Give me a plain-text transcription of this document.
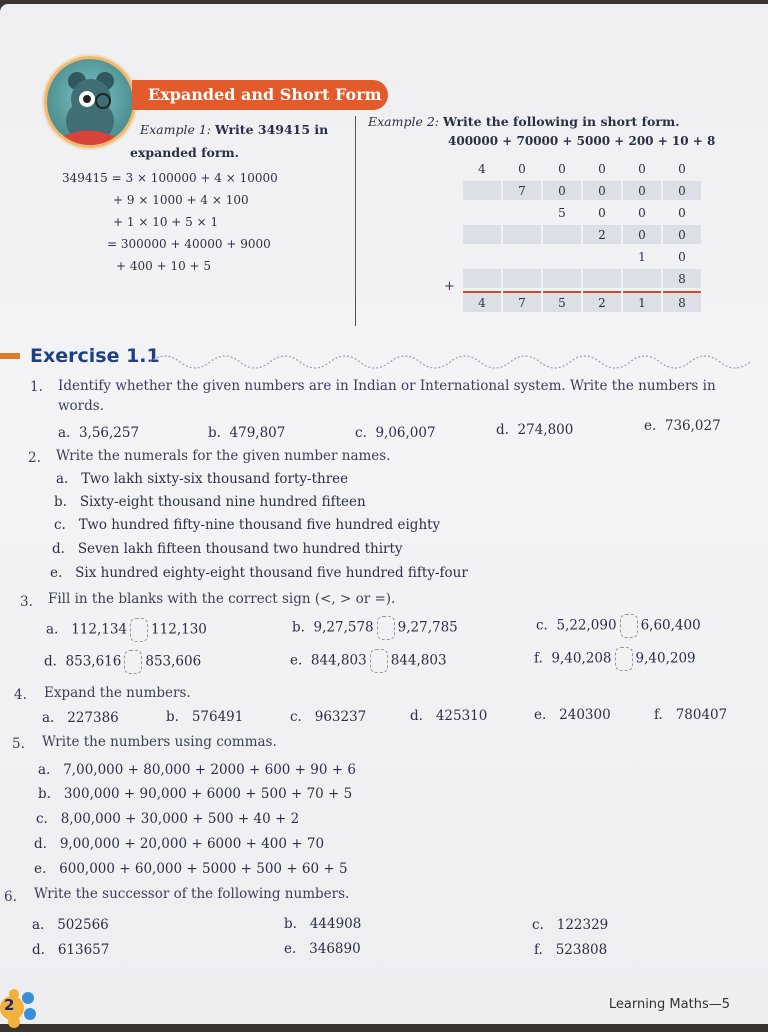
Expanded and Short Form
Example 1: Write 349415 in
expanded form.
349415 = 3 × 100000 + 4 × 10000
+ 9 × 1000 + 4 × 100
+ 1 × 10 + 5 × 1
= 300000 + 40000 + 9000
+ 400 + 10 + 5
Example 2: Write the following in short form.
400000 + 70000 + 5000 + 200 + 10 + 8
4	0	0	0	0	0
	7	0	0	0	0
		5	0	0	0
			2	0	0
				1	0
					8
4	7	5	2	1	8
+
Exercise 1.1
1. Identify whether the given numbers are in Indian or International system. Write the numbers in words.
a. 3,56,257	b. 479,807	c. 9,06,007	d. 274,800	e. 736,027
2. Write the numerals for the given number names.
a. Two lakh sixty-six thousand forty-three
b. Sixty-eight thousand nine hundred fifteen
c. Two hundred fifty-nine thousand five hundred eighty
d. Seven lakh fifteen thousand two hundred thirty
e. Six hundred eighty-eight thousand five hundred fifty-four
3. Fill in the blanks with the correct sign (<, > or =).
a. 112,134 112,130	b. 9,27,578 9,27,785	c. 5,22,090 6,60,400
d. 853,616 853,606	e. 844,803 844,803	f. 9,40,208 9,40,209
4. Expand the numbers.
a. 227386	b. 576491	c. 963237	d. 425310	e. 240300	f. 780407
5. Write the numbers using commas.
a. 7,00,000 + 80,000 + 2000 + 600 + 90 + 6
b. 300,000 + 90,000 + 6000 + 500 + 70 + 5
c. 8,00,000 + 30,000 + 500 + 40 + 2
d. 9,00,000 + 20,000 + 6000 + 400 + 70
e. 600,000 + 60,000 + 5000 + 500 + 60 + 5
6. Write the successor of the following numbers.
a. 502566	b. 444908	c. 122329
d. 613657	e. 346890	f. 523808
2	Learning Maths—5
